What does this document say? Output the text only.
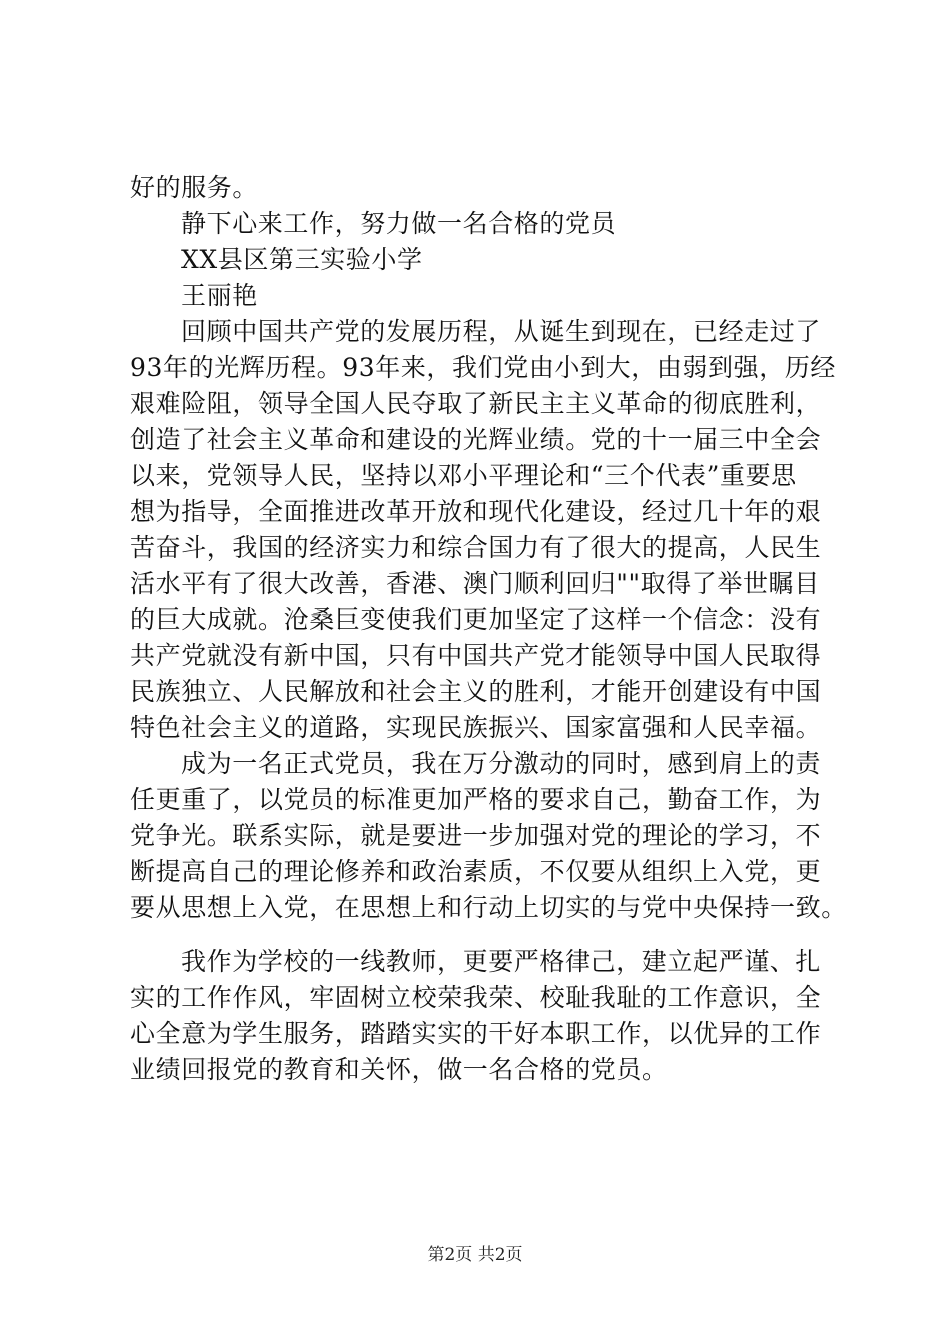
好的服务。
静下心来工作，努力做一名合格的党员
XX县区第三实验小学
王丽艳
回顾中国共产党的发展历程，从诞生到现在，已经走过了
93年的光辉历程。93年来，我们党由小到大，由弱到强，历经
艰难险阻，领导全国人民夺取了新民主主义革命的彻底胜利，
创造了社会主义革命和建设的光辉业绩。党的十一届三中全会
以来，党领导人民，坚持以邓小平理论和“三个代表”重要思
想为指导，全面推进改革开放和现代化建设，经过几十年的艰
苦奋斗，我国的经济实力和综合国力有了很大的提高，人民生
活水平有了很大改善，香港、澳门顺利回归""取得了举世瞩目
的巨大成就。沧桑巨变使我们更加坚定了这样一个信念：没有
共产党就没有新中国，只有中国共产党才能领导中国人民取得
民族独立、人民解放和社会主义的胜利，才能开创建设有中国
特色社会主义的道路，实现民族振兴、国家富强和人民幸福。
成为一名正式党员，我在万分激动的同时，感到肩上的责
任更重了，以党员的标准更加严格的要求自己，勤奋工作，为
党争光。联系实际，就是要进一步加强对党的理论的学习，不
断提高自己的理论修养和政治素质，不仅要从组织上入党，更
要从思想上入党，在思想上和行动上切实的与党中央保持一致。
我作为学校的一线教师，更要严格律己，建立起严谨、扎
实的工作作风，牢固树立校荣我荣、校耻我耻的工作意识，全
心全意为学生服务，踏踏实实的干好本职工作，以优异的工作
业绩回报党的教育和关怀，做一名合格的党员。
第2页 共2页
